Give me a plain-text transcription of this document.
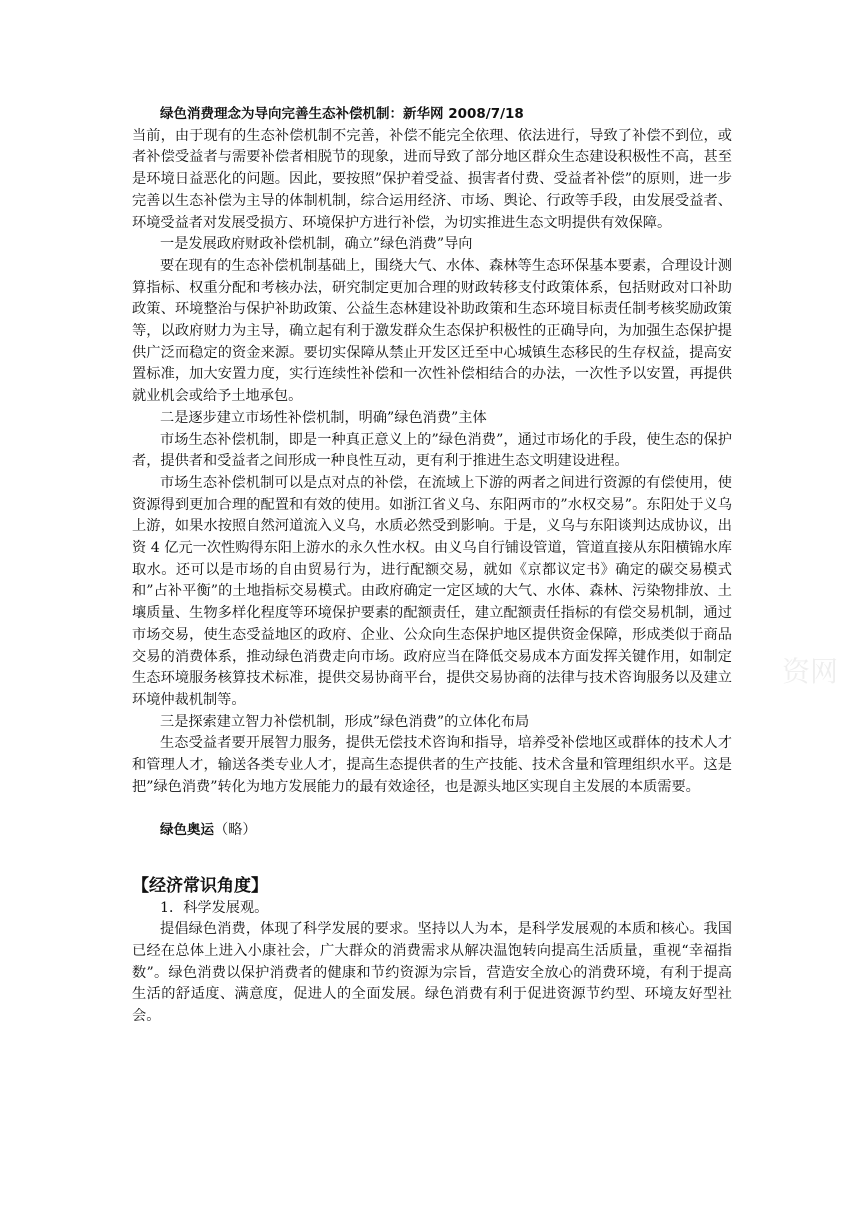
绿色消费理念为导向完善生态补偿机制：新华网 2008/7/18

当前，由于现有的生态补偿机制不完善，补偿不能完全依理、依法进行，导致了补偿不到位，或者补偿受益者与需要补偿者相脱节的现象，进而导致了部分地区群众生态建设积极性不高，甚至是环境日益恶化的问题。因此，要按照”保护着受益、损害者付费、受益者补偿”的原则，进一步完善以生态补偿为主导的体制机制，综合运用经济、市场、舆论、行政等手段，由发展受益者、环境受益者对发展受损方、环境保护方进行补偿，为切实推进生态文明提供有效保障。

一是发展政府财政补偿机制，确立”绿色消费”导向

要在现有的生态补偿机制基础上，围绕大气、水体、森林等生态环保基本要素，合理设计测算指标、权重分配和考核办法，研究制定更加合理的财政转移支付政策体系，包括财政对口补助政策、环境整治与保护补助政策、公益生态林建设补助政策和生态环境目标责任制考核奖励政策等，以政府财力为主导，确立起有利于激发群众生态保护积极性的正确导向，为加强生态保护提供广泛而稳定的资金来源。要切实保障从禁止开发区迁至中心城镇生态移民的生存权益，提高安置标准，加大安置力度，实行连续性补偿和一次性补偿相结合的办法，一次性予以安置，再提供就业机会或给予土地承包。

二是逐步建立市场性补偿机制，明确”绿色消费”主体

市场生态补偿机制，即是一种真正意义上的”绿色消费”，通过市场化的手段，使生态的保护者，提供者和受益者之间形成一种良性互动，更有利于推进生态文明建设进程。

市场生态补偿机制可以是点对点的补偿，在流域上下游的两者之间进行资源的有偿使用，使资源得到更加合理的配置和有效的使用。如浙江省义乌、东阳两市的”水权交易”。东阳处于义乌上游，如果水按照自然河道流入义乌，水质必然受到影响。于是，义乌与东阳谈判达成协议，出资 4 亿元一次性购得东阳上游水的永久性水权。由义乌自行铺设管道，管道直接从东阳横锦水库取水。还可以是市场的自由贸易行为，进行配额交易，就如《京都议定书》确定的碳交易模式和”占补平衡”的土地指标交易模式。由政府确定一定区域的大气、水体、森林、污染物排放、土壤质量、生物多样化程度等环境保护要素的配额责任，建立配额责任指标的有偿交易机制，通过市场交易，使生态受益地区的政府、企业、公众向生态保护地区提供资金保障，形成类似于商品交易的消费体系，推动绿色消费走向市场。政府应当在降低交易成本方面发挥关键作用，如制定生态环境服务核算技术标准，提供交易协商平台，提供交易协商的法律与技术咨询服务以及建立环境仲裁机制等。

三是探索建立智力补偿机制，形成”绿色消费”的立体化布局

生态受益者要开展智力服务，提供无偿技术咨询和指导，培养受补偿地区或群体的技术人才和管理人才，输送各类专业人才，提高生态提供者的生产技能、技术含量和管理组织水平。这是把”绿色消费”转化为地方发展能力的最有效途径，也是源头地区实现自主发展的本质需要。

绿色奥运（略）

【经济常识角度】

1．科学发展观。

提倡绿色消费，体现了科学发展的要求。坚持以人为本，是科学发展观的本质和核心。我国已经在总体上进入小康社会，广大群众的消费需求从解决温饱转向提高生活质量，重视“幸福指数”。绿色消费以保护消费者的健康和节约资源为宗旨，营造安全放心的消费环境，有利于提高生活的舒适度、满意度，促进人的全面发展。绿色消费有利于促进资源节约型、环境友好型社会。

资网
